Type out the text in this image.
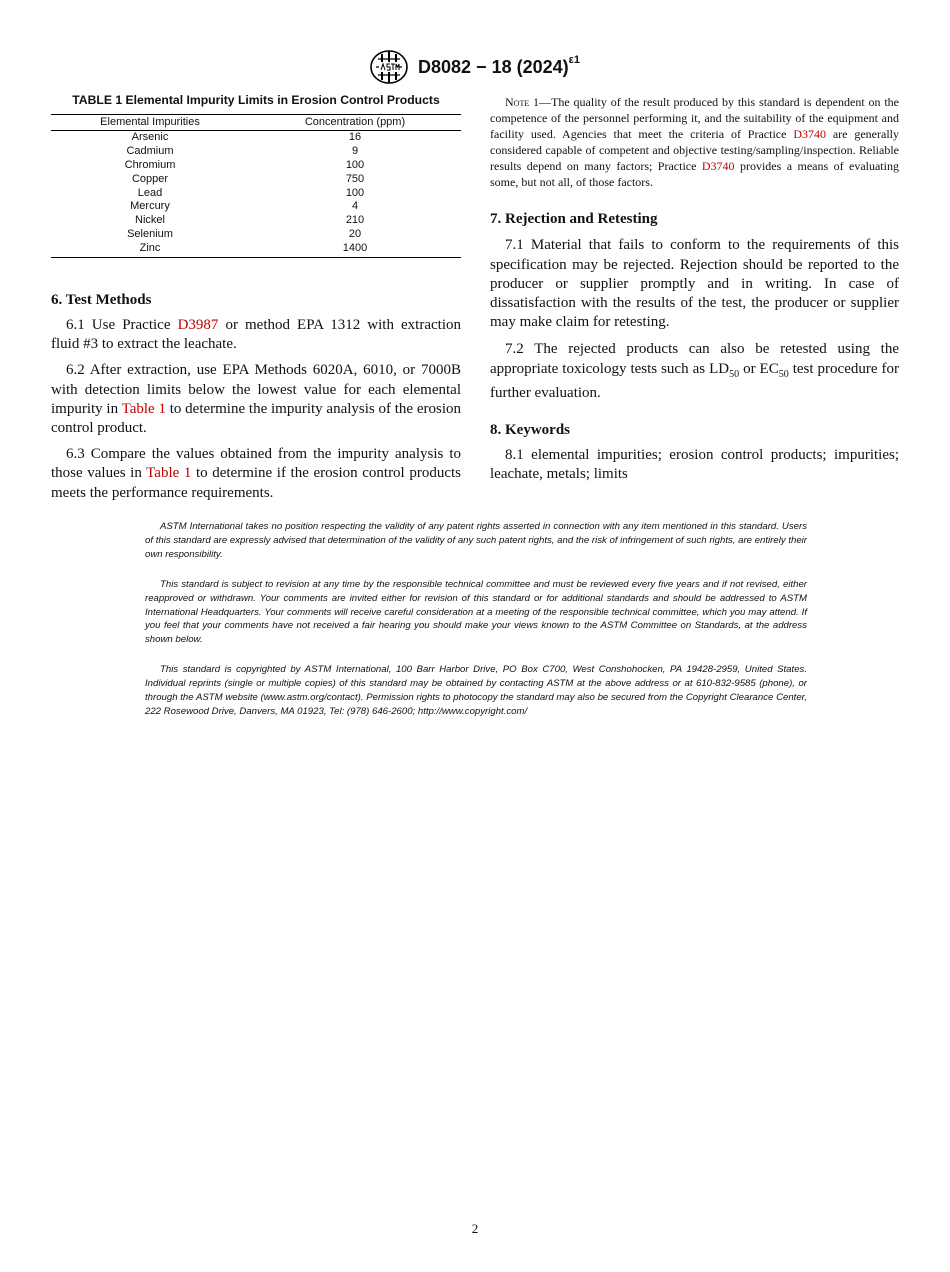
D8082 − 18 $(2024)^{\varepsilon 1}$

TABLE 1 Elemental Impurity Limits in Erosion Control Products

Elemental Impurities	Concentration (ppm)
Arsenic	16
Cadmium	9
Chromium	100
Copper	750
Lead	100
Mercury	4
Nickel	210
Selenium	20
Zinc	1400

6. Test Methods

6.1 Use Practice D3987 or method EPA 1312 with extraction fluid #3 to extract the leachate.

6.2 After extraction, use EPA Methods 6020A, 6010, or 7000B with detection limits below the lowest value for each elemental impurity in Table 1 to determine the impurity analysis of the erosion control product.

6.3 Compare the values obtained from the impurity analysis to those values in Table 1 to determine if the erosion control products meets the performance requirements.

Note 1—The quality of the result produced by this standard is dependent on the competence of the personnel performing it, and the suitability of the equipment and facility used. Agencies that meet the criteria of Practice D3740 are generally considered capable of competent and objective testing/sampling/inspection. Reliable results depend on many factors; Practice D3740 provides a means of evaluating some, but not all, of those factors.

7. Rejection and Retesting

7.1 Material that fails to conform to the requirements of this specification may be rejected. Rejection should be reported to the producer or supplier promptly and in writing. In case of dissatisfaction with the results of the test, the producer or supplier may make claim for retesting.

7.2 The rejected products can also be retested using the appropriate toxicology tests such as $LD_{50}$ or $EC_{50}$ test procedure for further evaluation.

8. Keywords

8.1 elemental impurities; erosion control products; impurities; leachate, metals; limits

ASTM International takes no position respecting the validity of any patent rights asserted in connection with any item mentioned in this standard. Users of this standard are expressly advised that determination of the validity of any such patent rights, and the risk of infringement of such rights, are entirely their own responsibility.

This standard is subject to revision at any time by the responsible technical committee and must be reviewed every five years and if not revised, either reapproved or withdrawn. Your comments are invited either for revision of this standard or for additional standards and should be addressed to ASTM International Headquarters. Your comments will receive careful consideration at a meeting of the responsible technical committee, which you may attend. If you feel that your comments have not received a fair hearing you should make your views known to the ASTM Committee on Standards, at the address shown below.

This standard is copyrighted by ASTM International, 100 Barr Harbor Drive, PO Box C700, West Conshohocken, PA 19428-2959, United States. Individual reprints (single or multiple copies) of this standard may be obtained by contacting ASTM at the above address or at 610-832-9585 (phone), or through the ASTM website (www.astm.org/contact). Permission rights to photocopy the standard may also be secured from the Copyright Clearance Center, 222 Rosewood Drive, Danvers, MA 01923, Tel: (978) 646-2600; http://www.copyright.com/

2
